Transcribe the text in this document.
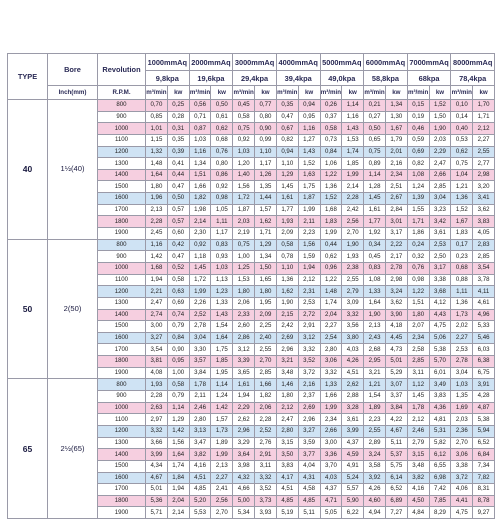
TYPE	Bore	Revolution	1000mmAq		2000mmAq		3000mmAq		4000mmAq		5000mmAq		6000mmAq		7000mmAq		8000mmAq	
			9,8kpa		19,6kpa		29,4kpa		39,4kpa		49,0kpa		58,8kpa		68kpa		78,4kpa	
	Inch(mm)	R.P.M.	m³/min	kw	m³/min	kw	m³/min	kw	m³/min	kw	m³/min	kw	m³/min	kw	m³/min	kw	m³/min	kw
40	1½(40)	800	0,70	0,25	0,56	0,50	0,45	0,77	0,35	0,94	0,26	1,14	0,21	1,34	0,15	1,52	0,10	1,70
		900	0,85	0,28	0,71	0,61	0,58	0,80	0,47	0,95	0,37	1,16	0,27	1,30	0,19	1,50	0,14	1,71
		1000	1,01	0,31	0,87	0,62	0,75	0,90	0,67	1,16	0,58	1,43	0,50	1,67	0,46	1,90	0,40	2,12
		1100	1,15	0,35	1,03	0,68	0,92	0,99	0,82	1,27	0,73	1,53	0,65	1,79	0,59	2,03	0,53	2,27
		1200	1,32	0,39	1,16	0,76	1,03	1,10	0,94	1,43	0,84	1,74	0,75	2,01	0,69	2,29	0,62	2,55
		1300	1,48	0,41	1,34	0,80	1,20	1,17	1,10	1,52	1,06	1,85	0,89	2,16	0,82	2,47	0,75	2,77
		1400	1,64	0,44	1,51	0,86	1,40	1,26	1,29	1,63	1,22	1,99	1,14	2,34	1,08	2,66	1,04	2,98
		1500	1,80	0,47	1,66	0,92	1,56	1,35	1,45	1,75	1,36	2,14	1,28	2,51	1,24	2,85	1,21	3,20
		1600	1,96	0,50	1,82	0,98	1,72	1,44	1,61	1,87	1,52	2,28	1,45	2,67	1,39	3,04	1,36	3,41
		1700	2,13	0,57	1,98	1,05	1,87	1,57	1,77	1,99	1,68	2,42	1,61	2,84	1,55	3,23	1,52	3,62
		1800	2,28	0,57	2,14	1,11	2,03	1,62	1,93	2,11	1,83	2,56	1,77	3,01	1,71	3,42	1,67	3,83
		1900	2,45	0,60	2,30	1,17	2,19	1,71	2,09	2,23	1,99	2,70	1,92	3,17	1,86	3,61	1,83	4,05
50	2(50)	800	1,16	0,42	0,92	0,83	0,75	1,29	0,58	1,56	0,44	1,90	0,34	2,22	0,24	2,53	0,17	2,83
		900	1,42	0,47	1,18	0,93	1,00	1,34	0,78	1,59	0,62	1,93	0,45	2,17	0,32	2,50	0,23	2,85
		1000	1,68	0,52	1,45	1,03	1,25	1,50	1,10	1,94	0,96	2,38	0,83	2,78	0,76	3,17	0,68	3,54
		1100	1,94	0,58	1,72	1,13	1,53	1,65	1,36	2,12	1,22	2,55	1,08	2,98	0,98	3,38	0,88	3,78
		1200	2,21	0,63	1,99	1,23	1,80	1,80	1,62	2,31	1,48	2,79	1,33	3,24	1,22	3,68	1,11	4,11
		1300	2,47	0,69	2,26	1,33	2,06	1,95	1,90	2,53	1,74	3,09	1,64	3,62	1,51	4,12	1,36	4,61
		1400	2,74	0,74	2,52	1,43	2,33	2,09	2,15	2,72	2,04	3,32	1,90	3,90	1,80	4,43	1,73	4,96
		1500	3,00	0,79	2,78	1,54	2,60	2,25	2,42	2,91	2,27	3,56	2,13	4,18	2,07	4,75	2,02	5,33
		1600	3,27	0,84	3,04	1,64	2,86	2,40	2,69	3,12	2,54	3,80	2,43	4,45	2,34	5,06	2,27	5,46
		1700	3,54	0,90	3,30	1,75	3,12	2,55	2,96	3,32	2,80	4,03	2,68	4,73	2,58	5,38	2,53	6,03
		1800	3,81	0,95	3,57	1,85	3,39	2,70	3,21	3,52	3,06	4,26	2,95	5,01	2,85	5,70	2,78	6,38
		1900	4,08	1,00	3,84	1,95	3,65	2,85	3,48	3,72	3,32	4,51	3,21	5,29	3,11	6,01	3,04	6,75
65	2½(65)	800	1,93	0,58	1,78	1,14	1,61	1,66	1,46	2,16	1,33	2,62	1,21	3,07	1,12	3,49	1,03	3,91
		900	2,28	0,79	2,11	1,24	1,94	1,82	1,80	2,37	1,66	2,88	1,54	3,37	1,45	3,83	1,35	4,28
		1000	2,63	1,14	2,46	1,42	2,29	2,06	2,12	2,69	1,99	3,28	1,89	3,84	1,78	4,36	1,69	4,87
		1100	2,97	1,29	2,80	1,57	2,62	2,28	2,47	2,96	2,34	3,61	2,23	4,22	2,12	4,81	2,03	5,38
		1200	3,32	1,42	3,13	1,73	2,96	2,52	2,80	3,27	2,66	3,99	2,55	4,67	2,46	5,31	2,36	5,94
		1300	3,66	1,56	3,47	1,89	3,29	2,76	3,15	3,59	3,00	4,37	2,89	5,11	2,79	5,82	2,70	6,52
		1400	3,99	1,64	3,82	1,99	3,64	2,91	3,50	3,77	3,36	4,59	3,24	5,37	3,15	6,12	3,06	6,84
		1500	4,34	1,74	4,16	2,13	3,98	3,11	3,83	4,04	3,70	4,91	3,58	5,75	3,48	6,55	3,38	7,34
		1600	4,67	1,84	4,51	2,27	4,32	3,32	4,17	4,31	4,03	5,24	3,92	6,14	3,82	6,98	3,72	7,82
		1700	5,01	1,94	4,85	2,41	4,66	3,52	4,51	4,58	4,37	5,57	4,26	6,52	4,16	7,42	4,06	8,31
		1800	5,36	2,04	5,20	2,56	5,00	3,73	4,85	4,85	4,71	5,90	4,60	6,89	4,50	7,85	4,41	8,78
		1900	5,71	2,14	5,53	2,70	5,34	3,93	5,19	5,11	5,05	6,22	4,94	7,27	4,84	8,29	4,75	9,27
